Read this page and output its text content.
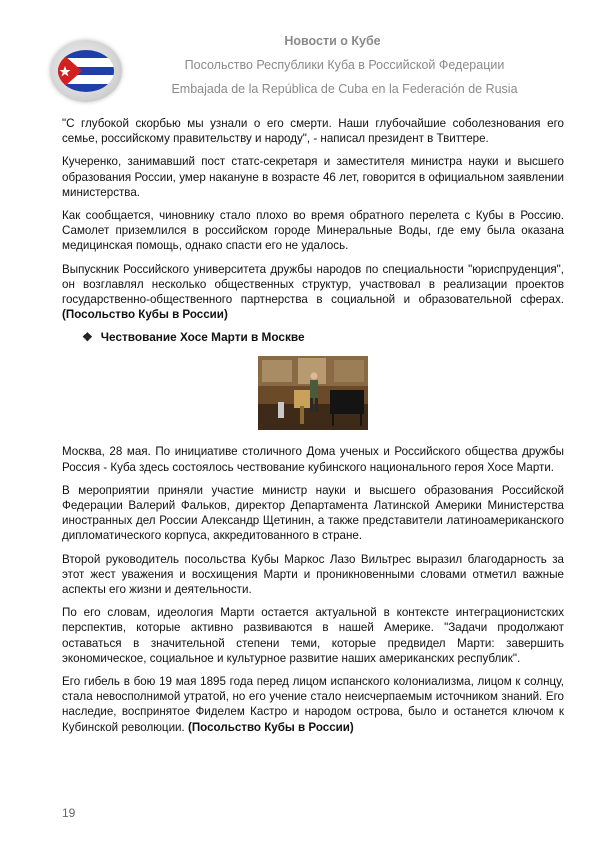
Новости о Кубе
Посольство Республики Куба в Российской Федерации
Embajada de la República de Cuba en la Federación de Rusia

"С глубокой скорбью мы узнали о его смерти. Наши глубочайшие соболезнования его семье, российскому правительству и народу", - написал президент в Твиттере.

Кучеренко, занимавший пост статс-секретаря и заместителя министра науки и высшего образования России, умер накануне в возрасте 46 лет, говорится в официальном заявлении министерства.

Как сообщается, чиновнику стало плохо во время обратного перелета с Кубы в Россию. Самолет приземлился в российском городе Минеральные Воды, где ему была оказана медицинская помощь, однако спасти его не удалось.

Выпускник Российского университета дружбы народов по специальности "юриспруденция", он возглавлял несколько общественных структур, участвовал в реализации проектов государственно-общественного партнерства в социальной и образовательной сферах. (Посольство Кубы в России)

❖ Чествование Хосе Марти в Москве

Москва, 28 мая. По инициативе столичного Дома ученых и Российского общества дружбы Россия - Куба здесь состоялось чествование кубинского национального героя Хосе Марти.

В мероприятии приняли участие министр науки и высшего образования Российской Федерации Валерий Фальков, директор Департамента Латинской Америки Министерства иностранных дел России Александр Щетинин, а также представители латиноамериканского дипломатического корпуса, аккредитованного в стране.

Второй руководитель посольства Кубы Маркос Лазо Вильтрес выразил благодарность за этот жест уважения и восхищения Марти и проникновенными словами отметил важные аспекты его жизни и деятельности.

По его словам, идеология Марти остается актуальной в контексте интеграционистских перспектив, которые активно развиваются в нашей Америке. "Задачи продолжают оставаться в значительной степени теми, которые предвидел Марти: завершить экономическое, социальное и культурное развитие наших американских республик".

Его гибель в бою 19 мая 1895 года перед лицом испанского колониализма, лицом к солнцу, стала невосполнимой утратой, но его учение стало неисчерпаемым источником знаний. Его наследие, воспринятое Фиделем Кастро и народом острова, было и останется ключом к Кубинской революции. (Посольство Кубы в России)

19
